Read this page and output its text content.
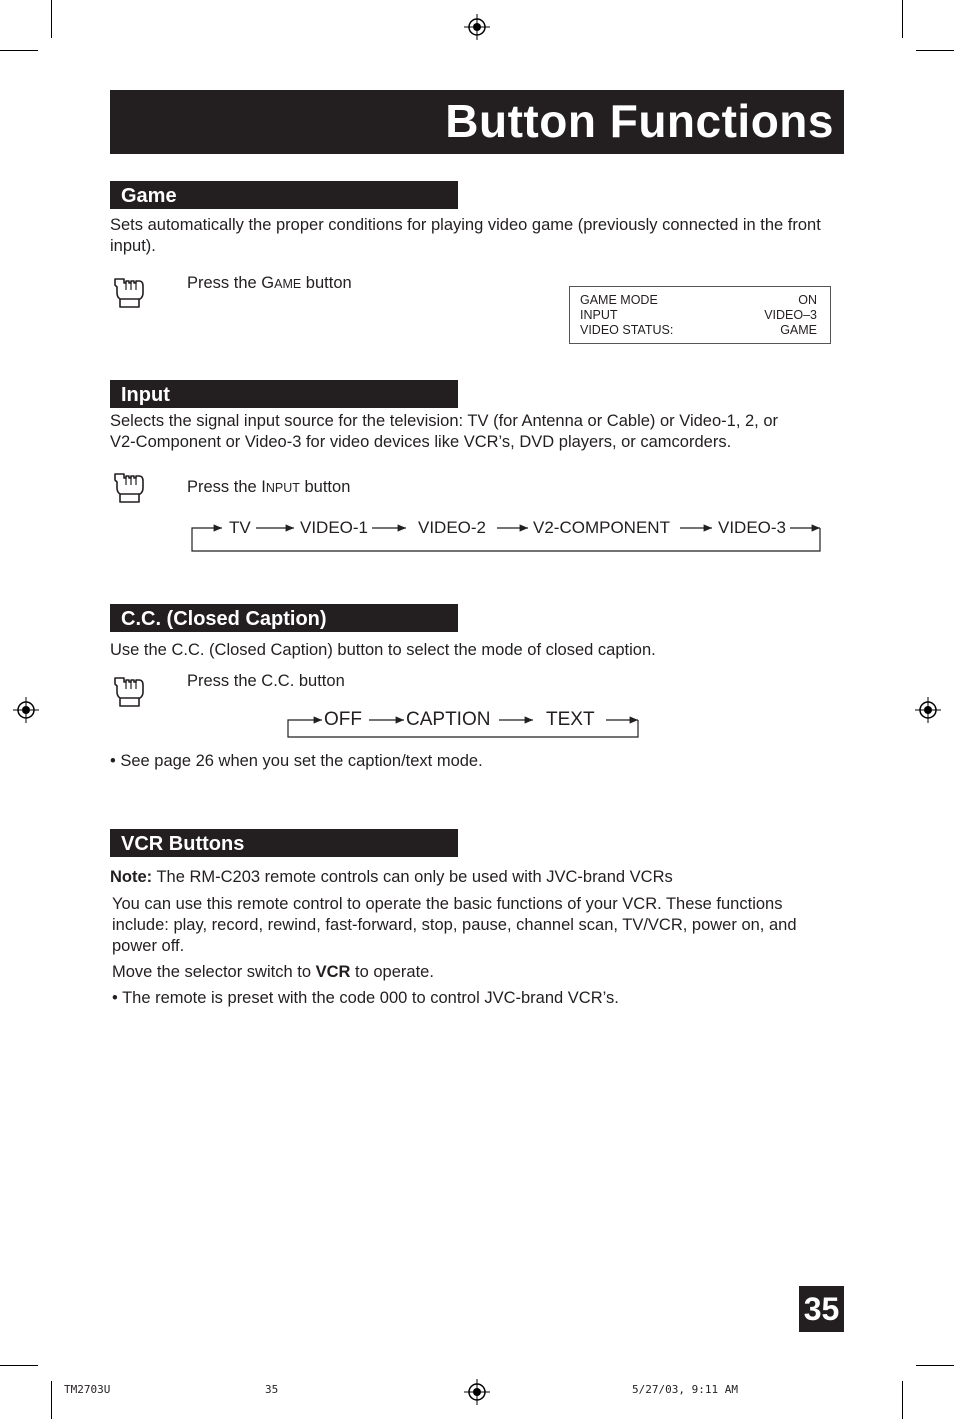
Button Functions
Game
Sets automatically the proper conditions for playing video game (previously connected in the front input).
Press the GAME button
GAME MODE	ON
INPUT	VIDEO–3
VIDEO STATUS:	GAME
Input
Selects the signal input source for the television: TV (for Antenna or Cable) or Video-1, 2, or
V2-Component or Video-3 for video devices like VCR’s, DVD players, or camcorders.
Press the INPUT button
TV	VIDEO-1	VIDEO-2	V2-COMPONENT	VIDEO-3
C.C. (Closed Caption)
Use the C.C. (Closed Caption) button to select the mode of closed caption.
Press the C.C. button
OFF CAPTION	TEXT
• See page 26 when you set the caption/text mode.
VCR Buttons
Note: The RM-C203 remote controls can only be used with JVC-brand VCRs
You can use this remote control to operate the basic functions of your VCR. These functions
include: play, record, rewind, fast-forward, stop, pause, channel scan, TV/VCR, power on, and
power off.
Move the selector switch to VCR to operate.
• The remote is preset with the code 000 to control JVC-brand VCR’s.
35
TM2703U	35	5/27/03, 9:11 AM
